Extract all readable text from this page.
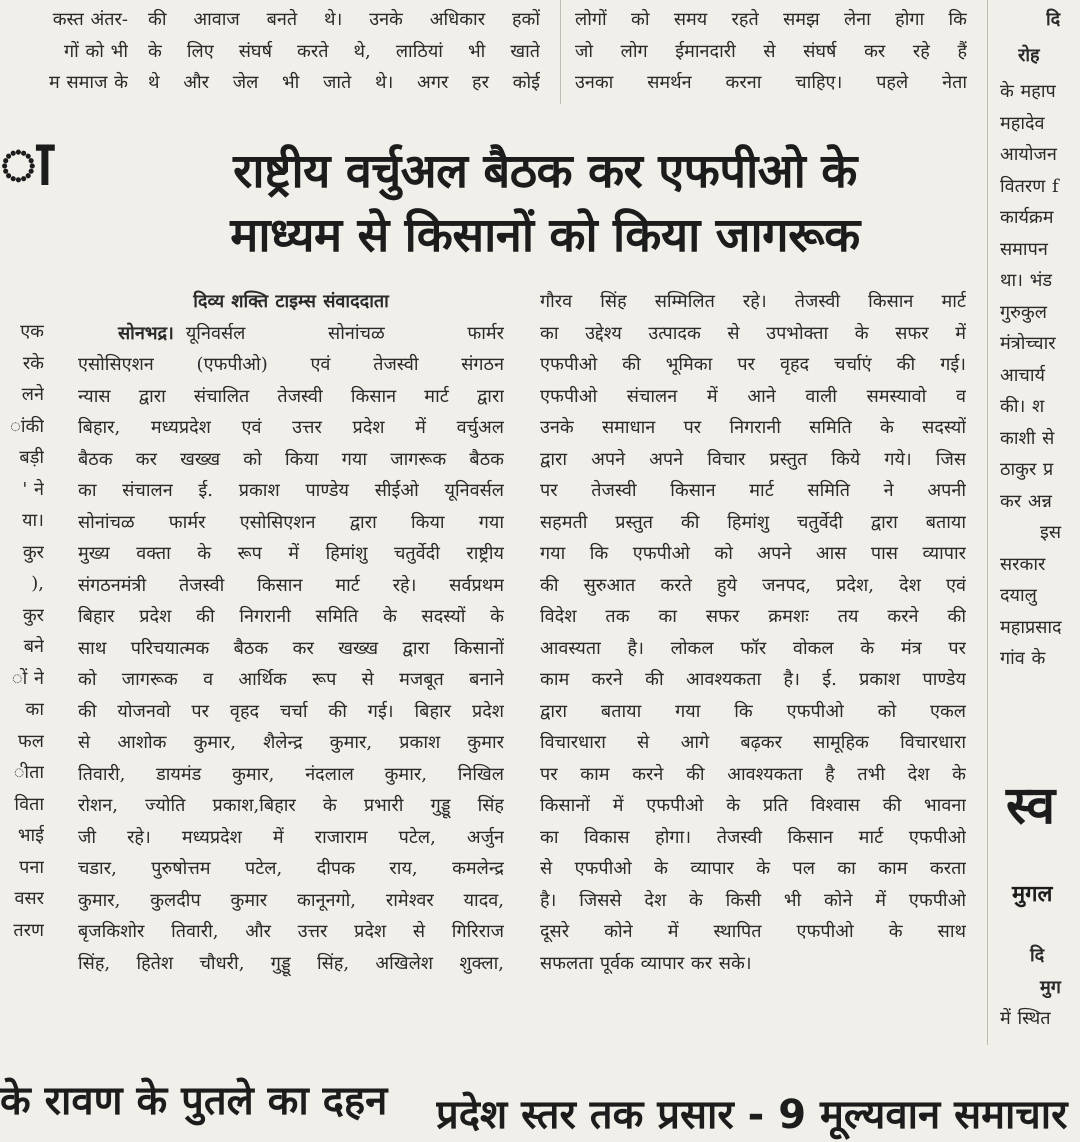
कस्त अंतर-
गों को भी
म समाज के
की आवाज बनते थे। उनके अधिकार हकों
के लिए संघर्ष करते थे, लाठियां भी खाते
थे और जेल भी जाते थे। अगर हर कोई
लोगों को समय रहते समझ लेना होगा कि
जो लोग ईमानदारी से संघर्ष कर रहे हैं
उनका समर्थन करना चाहिए। पहले नेता
ा
एक
रके
लने
ांकी
बड़ी
' ने
या।
कुर
),
कुर
बने
ों ने
का
फल
ीता
विता
भाई
पना
वसर
तरण
राष्ट्रीय वर्चुअल बैठक कर एफपीओ के
माध्यम से किसानों को किया जागरूक
दिव्य शक्ति टाइम्स संवाददाता
सोनभद्र। यूनिवर्सल सोनांचळ फार्मर
एसोसिएशन (एफपीओ) एवं तेजस्वी संगठन
न्यास द्वारा संचालित तेजस्वी किसान मार्ट द्वारा
बिहार, मध्यप्रदेश एवं उत्तर प्रदेश में वर्चुअल
बैठक कर खख्ख को किया गया जागरूक बैठक
का संचालन ई. प्रकाश पाण्डेय सीईओ यूनिवर्सल
सोनांचळ फार्मर एसोसिएशन द्वारा किया गया
मुख्य वक्ता के रूप में हिमांशु चतुर्वेदी राष्ट्रीय
संगठनमंत्री तेजस्वी किसान मार्ट रहे। सर्वप्रथम
बिहार प्रदेश की निगरानी समिति के सदस्यों के
साथ परिचयात्मक बैठक कर खख्ख द्वारा किसानों
को जागरूक व आर्थिक रूप से मजबूत बनाने
की योजनवो पर वृहद चर्चा की गई। बिहार प्रदेश
से आशोक कुमार, शैलेन्द्र कुमार, प्रकाश कुमार
तिवारी, डायमंड कुमार, नंदलाल कुमार, निखिल
रोशन, ज्योति प्रकाश,बिहार के प्रभारी गुड्डू सिंह
जी रहे। मध्यप्रदेश में राजाराम पटेल, अर्जुन
चडार, पुरुषोत्तम पटेल, दीपक राय, कमलेन्द्र
कुमार, कुलदीप कुमार कानूनगो, रामेश्वर यादव,
बृजकिशोर तिवारी, और उत्तर प्रदेश से गिरिराज
सिंह, हितेश चौधरी, गुड्डू सिंह, अखिलेश शुक्ला,
गौरव सिंह सम्मिलित रहे। तेजस्वी किसान मार्ट
का उद्देश्य उत्पादक से उपभोक्ता के सफर में
एफपीओ की भूमिका पर वृहद चर्चाएं की गई।
एफपीओ संचालन में आने वाली समस्यावो व
उनके समाधान पर निगरानी समिति के सदस्यों
द्वारा अपने अपने विचार प्रस्तुत किये गये। जिस
पर तेजस्वी किसान मार्ट समिति ने अपनी
सहमती प्रस्तुत की हिमांशु चतुर्वेदी द्वारा बताया
गया कि एफपीओ को अपने आस पास व्यापार
की सुरुआत करते हुये जनपद, प्रदेश, देश एवं
विदेश तक का सफर क्रमशः तय करने की
आवस्यता है। लोकल फॉर वोकल के मंत्र पर
काम करने की आवश्यकता है। ई. प्रकाश पाण्डेय
द्वारा बताया गया कि एफपीओ को एकल
विचारधारा से आगे बढ़कर सामूहिक विचारधारा
पर काम करने की आवश्यकता है तभी देश के
किसानों में एफपीओ के प्रति विश्वास की भावना
का विकास होगा। तेजस्वी किसान मार्ट एफपीओ
से एफपीओ के व्यापार के पल का काम करता
है। जिससे देश के किसी भी कोने में एफपीओ
दूसरे कोने में स्थापित एफपीओ के साथ
सफलता पूर्वक व्यापार कर सके।
दि
रोह
के महाप
महादेव
आयोजन
वितरण f
कार्यक्रम
समापन
था। भंड
गुरुकुल
मंत्रोच्चार
आचार्य
की। श
काशी से
ठाकुर प्र
कर अन्न
इस
सरकार
दयालु
महाप्रसाद
गांव के
स्व
मुगल
दि
मुग
में स्थित
के रावण के पुतले का दहन	प्रदेश स्तर तक प्रसार - 9 मूल्यवान समाचार
